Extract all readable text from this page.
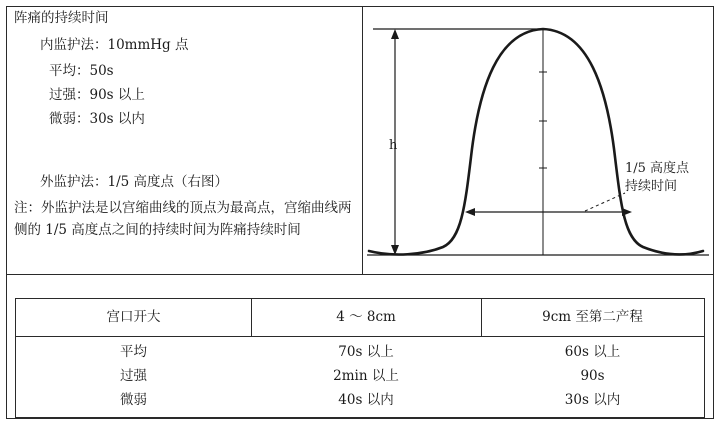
阵痛的持续时间
内监护法：10mmHg 点
平均：50s
过强：90s 以上
微弱：30s 以内
外监护法：1/5 高度点（右图）
注：外监护法是以宫缩曲线的顶点为最高点，宫缩曲线两侧的 1/5 高度点之间的持续时间为阵痛持续时间
h
1/5 高度点
持续时间
宫口开大	4 ～ 8cm	9cm 至第二产程
平均	70s 以上	60s 以上
过强	2min 以上	90s
微弱	40s 以内	30s 以内
